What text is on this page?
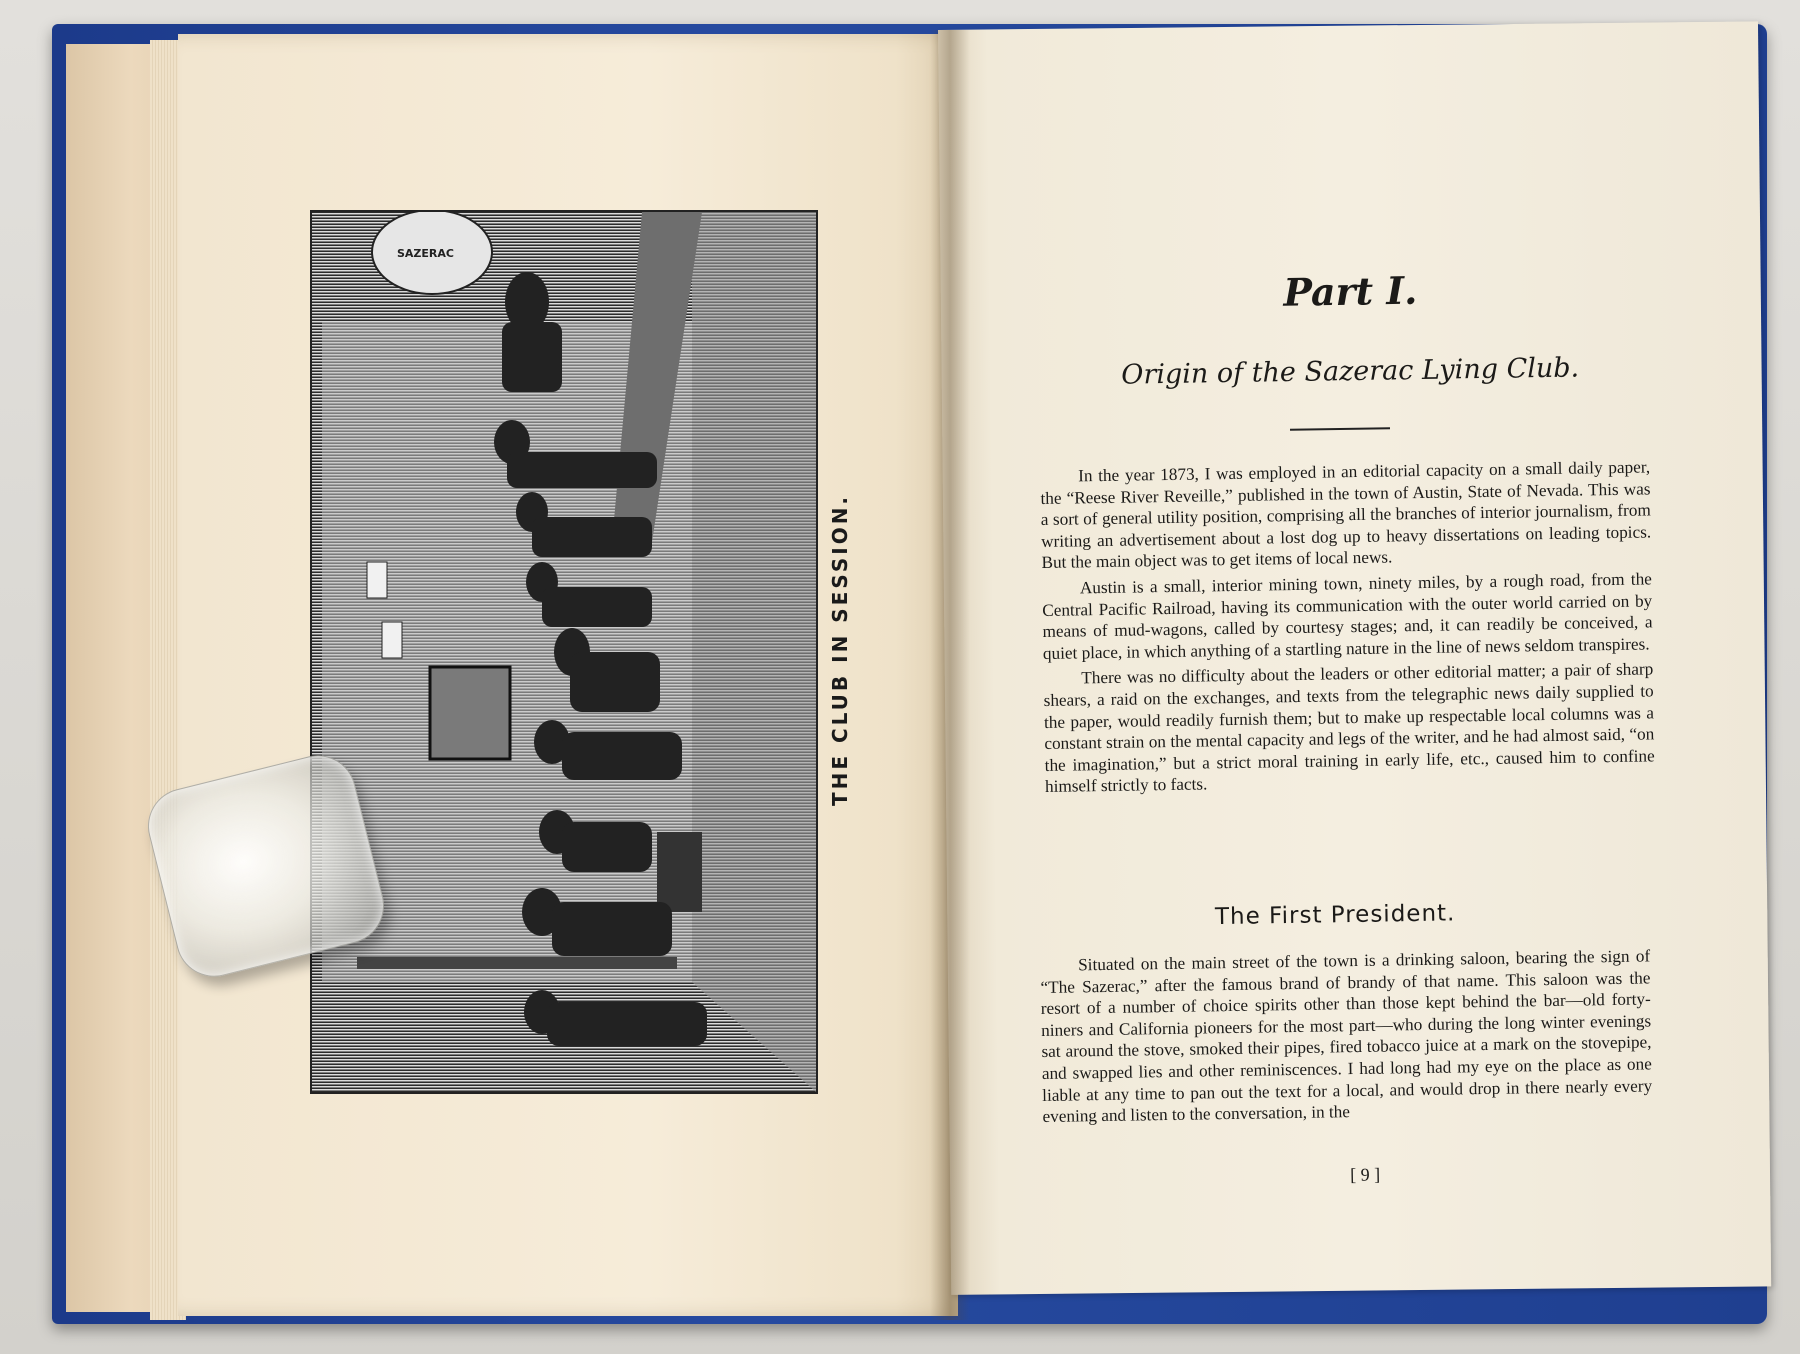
SAZERAC
THE CLUB IN SESSION.
Part I.
Origin of the Sazerac Lying Club.

In the year 1873, I was employed in an editorial capacity on a small daily paper, the “Reese River Reveille,” published in the town of Austin, State of Nevada. This was a sort of general utility position, comprising all the branches of interior journalism, from writing an advertisement about a lost dog up to heavy dissertations on leading topics. But the main object was to get items of local news.

Austin is a small, interior mining town, ninety miles, by a rough road, from the Central Pacific Railroad, having its communication with the outer world carried on by means of mud-wagons, called by courtesy stages; and, it can readily be conceived, a quiet place, in which anything of a startling nature in the line of news seldom transpires.

There was no difficulty about the leaders or other editorial matter; a pair of sharp shears, a raid on the exchanges, and texts from the telegraphic news daily supplied to the paper, would readily furnish them; but to make up respectable local columns was a constant strain on the mental capacity and legs of the writer, and he had almost said, “on the imagination,” but a strict moral training in early life, etc., caused him to confine himself strictly to facts.

The First President.

Situated on the main street of the town is a drinking saloon, bearing the sign of “The Sazerac,” after the famous brand of brandy of that name. This saloon was the resort of a number of choice spirits other than those kept behind the bar—old forty-niners and California pioneers for the most part—who during the long winter evenings sat around the stove, smoked their pipes, fired tobacco juice at a mark on the stovepipe, and swapped lies and other reminiscences. I had long had my eye on the place as one liable at any time to pan out the text for a local, and would drop in there nearly every evening and listen to the conversation, in the

[ 9 ]
